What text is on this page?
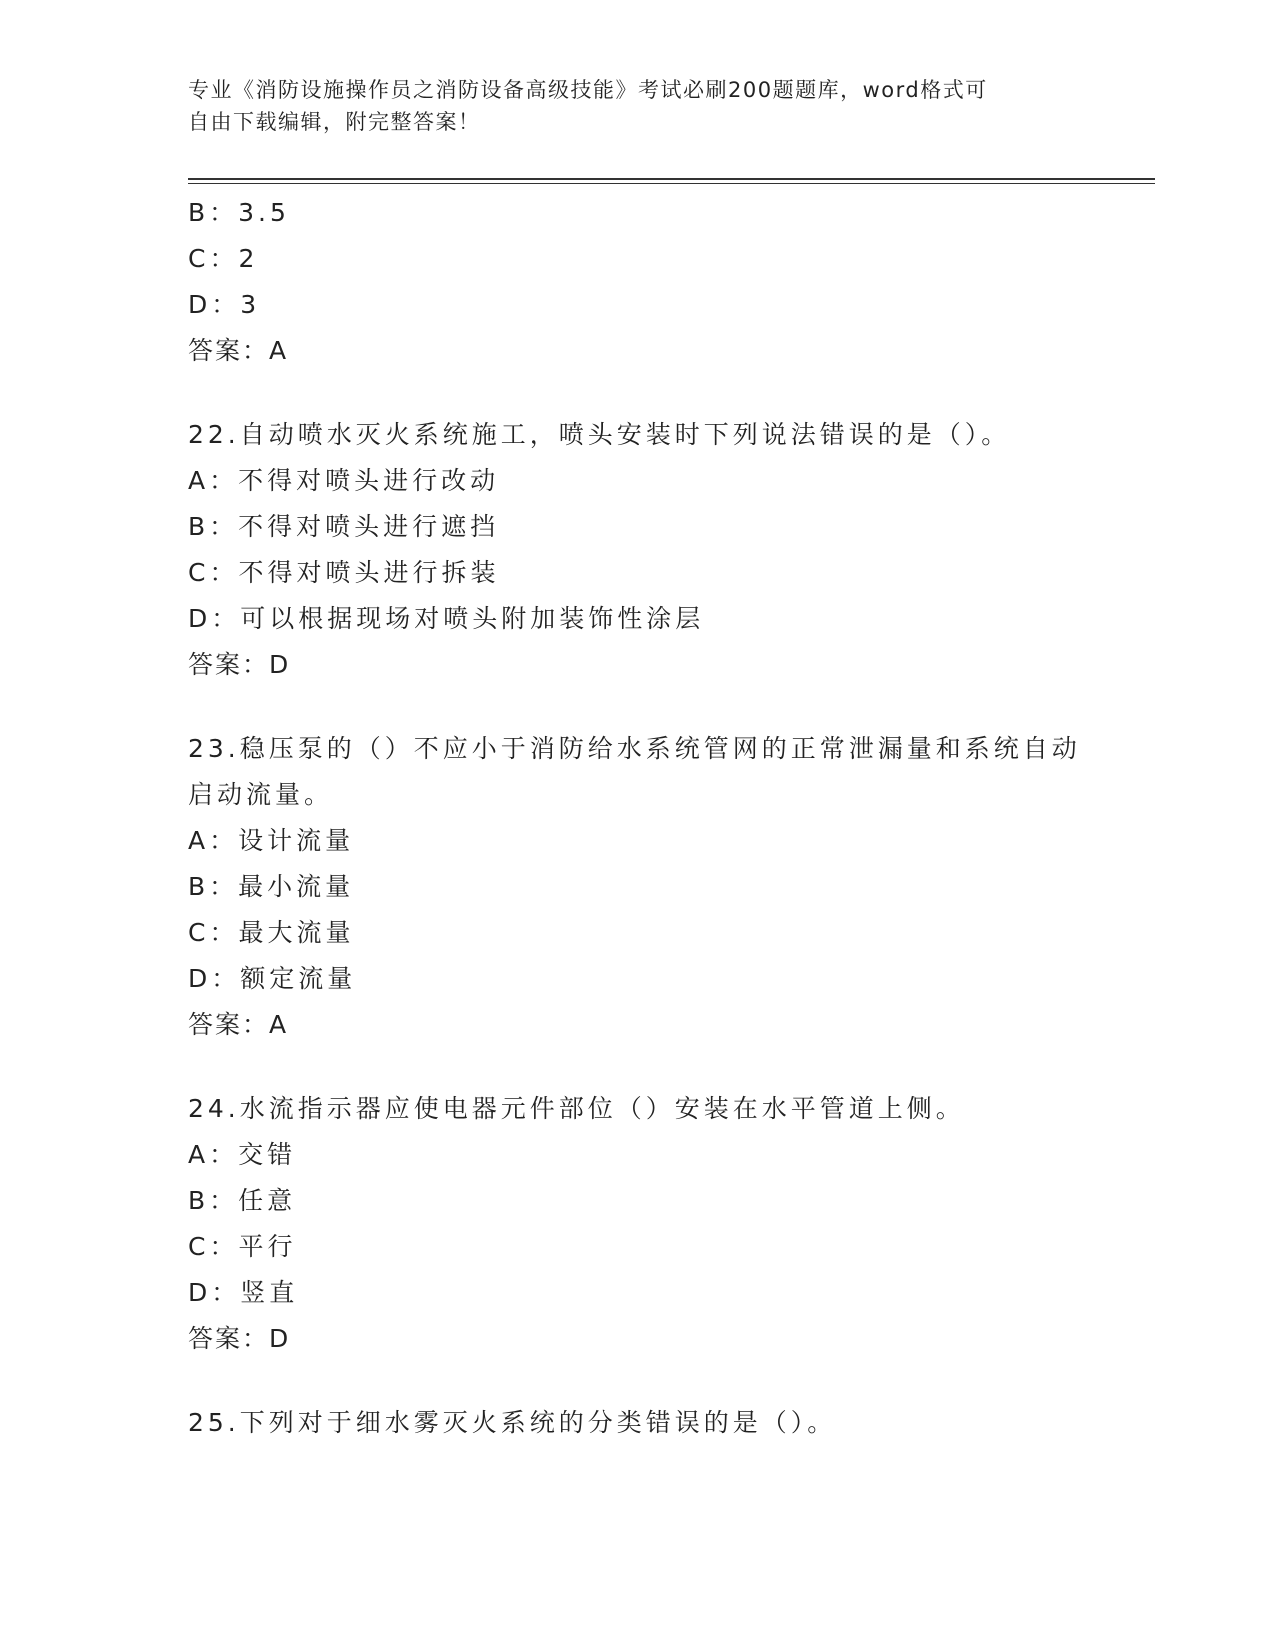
专业《消防设施操作员之消防设备高级技能》考试必刷200题题库，word格式可
自由下载编辑，附完整答案！
B：3.5
C：2
D：3
答案：A
22.自动喷水灭火系统施工，喷头安装时下列说法错误的是（）。
A：不得对喷头进行改动
B：不得对喷头进行遮挡
C：不得对喷头进行拆装
D：可以根据现场对喷头附加装饰性涂层
答案：D
23.稳压泵的（）不应小于消防给水系统管网的正常泄漏量和系统自动
启动流量。
A：设计流量
B：最小流量
C：最大流量
D：额定流量
答案：A
24.水流指示器应使电器元件部位（）安装在水平管道上侧。
A：交错
B：任意
C：平行
D：竖直
答案：D
25.下列对于细水雾灭火系统的分类错误的是（）。
